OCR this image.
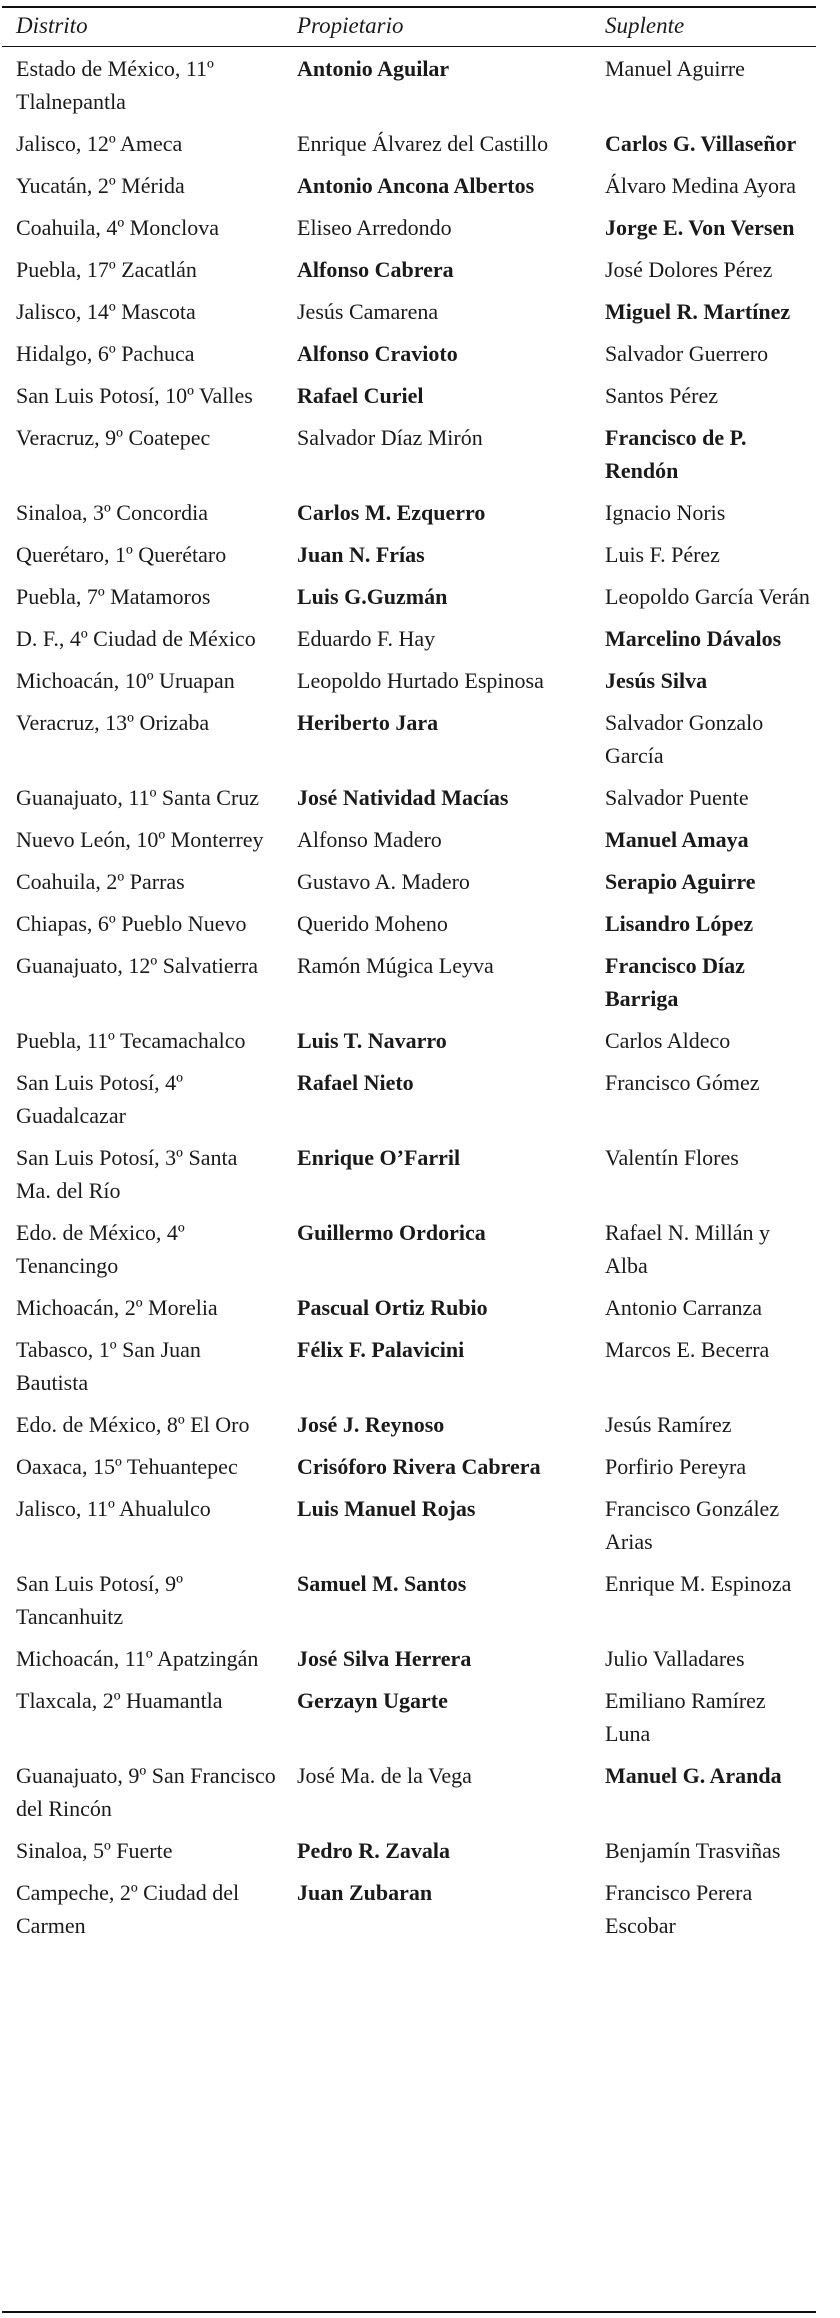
Distrito	Propietario	Suplente
Estado de México, 11º Tlalnepantla	Antonio Aguilar	Manuel Aguirre
Jalisco, 12º Ameca	Enrique Álvarez del Castillo	Carlos G. Villaseñor
Yucatán, 2º Mérida	Antonio Ancona Albertos	Álvaro Medina Ayora
Coahuila, 4º Monclova	Eliseo Arredondo	Jorge E. Von Versen
Puebla, 17º Zacatlán	Alfonso Cabrera	José Dolores Pérez
Jalisco, 14º Mascota	Jesús Camarena	Miguel R. Martínez
Hidalgo, 6º Pachuca	Alfonso Cravioto	Salvador Guerrero
San Luis Potosí, 10º Valles	Rafael Curiel	Santos Pérez
Veracruz, 9º Coatepec	Salvador Díaz Mirón	Francisco de P. Rendón
Sinaloa, 3º Concordia	Carlos M. Ezquerro	Ignacio Noris
Querétaro, 1º Querétaro	Juan N. Frías	Luis F. Pérez
Puebla, 7º Matamoros	Luis G.Guzmán	Leopoldo García Verán
D. F., 4º Ciudad de México	Eduardo F. Hay	Marcelino Dávalos
Michoacán, 10º Uruapan	Leopoldo Hurtado Espinosa	Jesús Silva
Veracruz, 13º Orizaba	Heriberto Jara	Salvador Gonzalo García
Guanajuato, 11º Santa Cruz	José Natividad Macías	Salvador Puente
Nuevo León, 10º Monterrey	Alfonso Madero	Manuel Amaya
Coahuila, 2º Parras	Gustavo A. Madero	Serapio Aguirre
Chiapas, 6º Pueblo Nuevo	Querido Moheno	Lisandro López
Guanajuato, 12º Salvatierra	Ramón Múgica Leyva	Francisco Díaz Barriga
Puebla, 11º Tecamachalco	Luis T. Navarro	Carlos Aldeco
San Luis Potosí, 4º Guadalcazar	Rafael Nieto	Francisco Gómez
San Luis Potosí, 3º Santa Ma. del Río	Enrique O’Farril	Valentín Flores
Edo. de México, 4º Tenancingo	Guillermo Ordorica	Rafael N. Millán y Alba
Michoacán, 2º Morelia	Pascual Ortiz Rubio	Antonio Carranza
Tabasco, 1º San Juan Bautista	Félix F. Palavicini	Marcos E. Becerra
Edo. de México, 8º El Oro	José J. Reynoso	Jesús Ramírez
Oaxaca, 15º Tehuantepec	Crisóforo Rivera Cabrera	Porfirio Pereyra
Jalisco, 11º Ahualulco	Luis Manuel Rojas	Francisco González Arias
San Luis Potosí, 9º Tancanhuitz	Samuel M. Santos	Enrique M. Espinoza
Michoacán, 11º Apatzingán	José Silva Herrera	Julio Valladares
Tlaxcala, 2º Huamantla	Gerzayn Ugarte	Emiliano Ramírez Luna
Guanajuato, 9º San Francisco del Rincón	José Ma. de la Vega	Manuel G. Aranda
Sinaloa, 5º Fuerte	Pedro R. Zavala	Benjamín Trasviñas
Campeche, 2º Ciudad del Carmen	Juan Zubaran	Francisco Perera Escobar
